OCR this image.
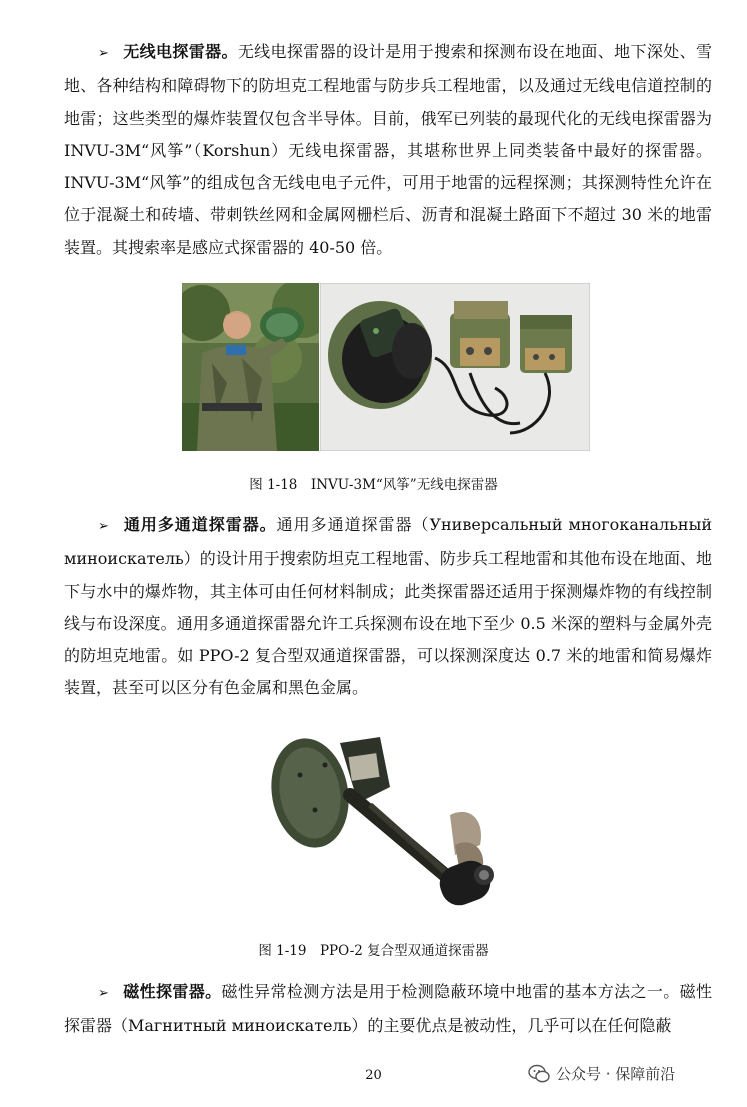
➢ 无线电探雷器。无线电探雷器的设计是用于搜索和探测布设在地面、地下深处、雪地、各种结构和障碍物下的防坦克工程地雷与防步兵工程地雷，以及通过无线电信道控制的地雷；这些类型的爆炸装置仅包含半导体。目前，俄军已列装的最现代化的无线电探雷器为 INVU-3M“风筝”（Korshun）无线电探雷器，其堪称世界上同类装备中最好的探雷器。INVU-3M“风筝”的组成包含无线电电子元件，可用于地雷的远程探测；其探测特性允许在位于混凝土和砖墙、带刺铁丝网和金属网栅栏后、沥青和混凝土路面下不超过 30 米的地雷装置。其搜索率是感应式探雷器的 40-50 倍。
图 1-18　INVU-3M“风筝”无线电探雷器
➢ 通用多通道探雷器。通用多通道探雷器（Универсальный многоканальный миноискатель）的设计用于搜索防坦克工程地雷、防步兵工程地雷和其他布设在地面、地下与水中的爆炸物，其主体可由任何材料制成；此类探雷器还适用于探测爆炸物的有线控制线与布设深度。通用多通道探雷器允许工兵探测布设在地下至少 0.5 米深的塑料与金属外壳的防坦克地雷。如 PPO-2 复合型双通道探雷器，可以探测深度达 0.7 米的地雷和简易爆炸装置，甚至可以区分有色金属和黑色金属。
图 1-19　PPO-2 复合型双通道探雷器
➢ 磁性探雷器。磁性异常检测方法是用于检测隐蔽环境中地雷的基本方法之一。磁性探雷器（Магнитный миноискатель）的主要优点是被动性，几乎可以在任何隐蔽
20	公众号 · 保障前沿
